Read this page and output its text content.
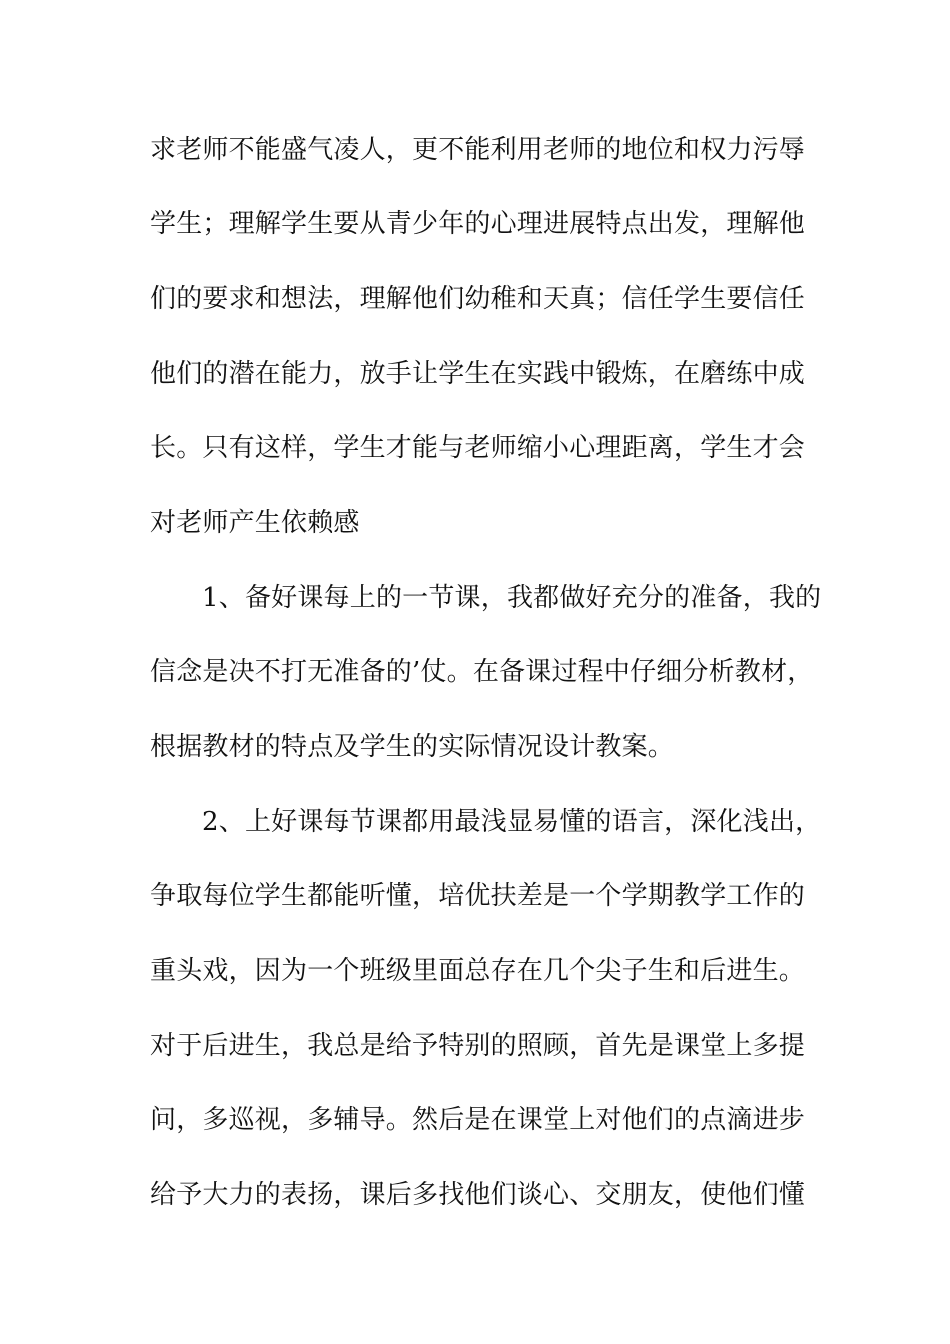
求老师不能盛气凌人，更不能利用老师的地位和权力污辱
学生；理解学生要从青少年的心理进展特点出发，理解他
们的要求和想法，理解他们幼稚和天真；信任学生要信任
他们的潜在能力，放手让学生在实践中锻炼，在磨练中成
长。只有这样，学生才能与老师缩小心理距离，学生才会
对老师产生依赖感
1、备好课每上的一节课，我都做好充分的准备，我的
信念是决不打无准备的’仗。在备课过程中仔细分析教材，
根据教材的特点及学生的实际情况设计教案。
2、上好课每节课都用最浅显易懂的语言，深化浅出，
争取每位学生都能听懂，培优扶差是一个学期教学工作的
重头戏，因为一个班级里面总存在几个尖子生和后进生。
对于后进生，我总是给予特别的照顾，首先是课堂上多提
问，多巡视，多辅导。然后是在课堂上对他们的点滴进步
给予大力的表扬，课后多找他们谈心、交朋友，使他们懂
